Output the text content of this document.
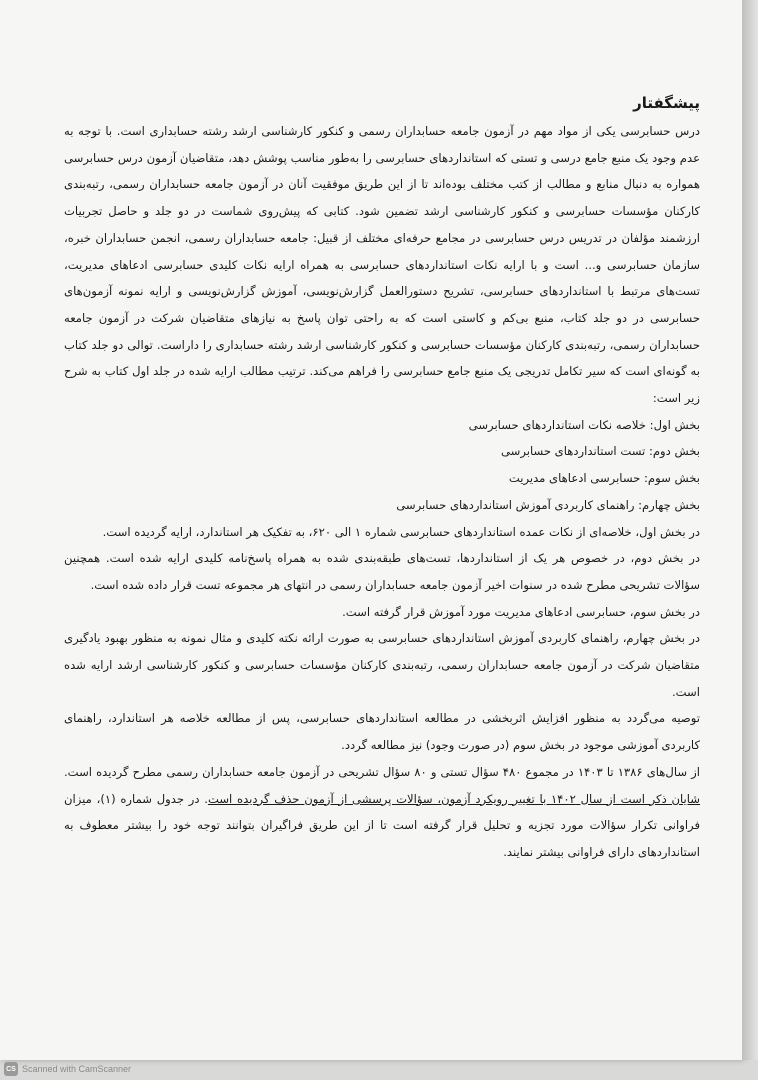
پیشگفتار

درس حسابرسی یکی از مواد مهم در آزمون جامعه حسابداران رسمی و کنکور کارشناسی ارشد رشته حسابداری است. با توجه به عدم وجود یک منبع جامع درسی و تستی که استانداردهای حسابرسی را به‌طور مناسب پوشش دهد، متقاضیان آزمون درس حسابرسی همواره به دنبال منابع و مطالب از کتب مختلف بوده‌اند تا از این طریق موفقیت آنان در آزمون جامعه حسابداران رسمی، رتبه‌بندی کارکنان مؤسسات حسابرسی و کنکور کارشناسی ارشد تضمین شود. کتابی که پیش‌روی شماست در دو جلد و حاصل تجربیات ارزشمند مؤلفان در تدریس درس حسابرسی در مجامع حرفه‌ای مختلف از قبیل: جامعه حسابداران رسمی، انجمن حسابداران خبره، سازمان حسابرسی و... است و با ارایه نکات استانداردهای حسابرسی به همراه ارایه نکات کلیدی حسابرسی ادعاهای مدیریت، تست‌های مرتبط با استانداردهای حسابرسی، تشریح دستورالعمل گزارش‌نویسی، آموزش گزارش‌نویسی و ارایه نمونه آزمون‌های حسابرسی در دو جلد کتاب، منبع بی‌کم و کاستی است که به راحتی توان پاسخ به نیازهای متقاضیان شرکت در آزمون جامعه حسابداران رسمی، رتبه‌بندی کارکنان مؤسسات حسابرسی و کنکور کارشناسی ارشد رشته حسابداری را داراست. توالی دو جلد کتاب به گونه‌ای است که سیر تکامل تدریجی یک منبع جامع حسابرسی را فراهم می‌کند. ترتیب مطالب ارایه شده در جلد اول کتاب به شرح زیر است:

بخش اول: خلاصه نکات استانداردهای حسابرسی

بخش دوم: تست استانداردهای حسابرسی

بخش سوم: حسابرسی ادعاهای مدیریت

بخش چهارم: راهنمای کاربردی آموزش استانداردهای حسابرسی

در بخش اول، خلاصه‌ای از نکات عمده استانداردهای حسابرسی شماره ۱ الی ۶۲۰، به تفکیک هر استاندارد، ارایه گردیده است.

در بخش دوم، در خصوص هر یک از استانداردها، تست‌های طبقه‌بندی شده به همراه پاسخ‌نامه کلیدی ارایه شده است. همچنین سؤالات تشریحی مطرح شده در سنوات اخیر آزمون جامعه حسابداران رسمی در انتهای هر مجموعه تست قرار داده شده است.

در بخش سوم، حسابرسی ادعاهای مدیریت مورد آموزش قرار گرفته است.

در بخش چهارم، راهنمای کاربردی آموزش استانداردهای حسابرسی به صورت ارائه نکته کلیدی و مثال نمونه به منظور بهبود یادگیری متقاضیان شرکت در آزمون جامعه حسابداران رسمی، رتبه‌بندی کارکنان مؤسسات حسابرسی و کنکور کارشناسی ارشد ارایه شده است.

توصیه می‌گردد به منظور افزایش اثربخشی در مطالعه استانداردهای حسابرسی، پس از مطالعه خلاصه هر استاندارد، راهنمای کاربردی آموزشی موجود در بخش سوم (در صورت وجود) نیز مطالعه گردد.

از سال‌های ۱۳۸۶ تا ۱۴۰۳ در مجموع ۴۸۰ سؤال تستی و ۸۰ سؤال تشریحی در آزمون جامعه حسابداران رسمی مطرح گردیده است. شایان ذکر است از سال ۱۴۰۲ با تغییر رویکرد آزمون، سؤالات پرسشی از آزمون حذف گردیده است. در جدول شماره (۱)، میزان فراوانی تکرار سؤالات مورد تجزیه و تحلیل قرار گرفته است تا از این طریق فراگیران بتوانند توجه خود را بیشتر معطوف به استانداردهای دارای فراوانی بیشتر نمایند.

CS Scanned with CamScanner
